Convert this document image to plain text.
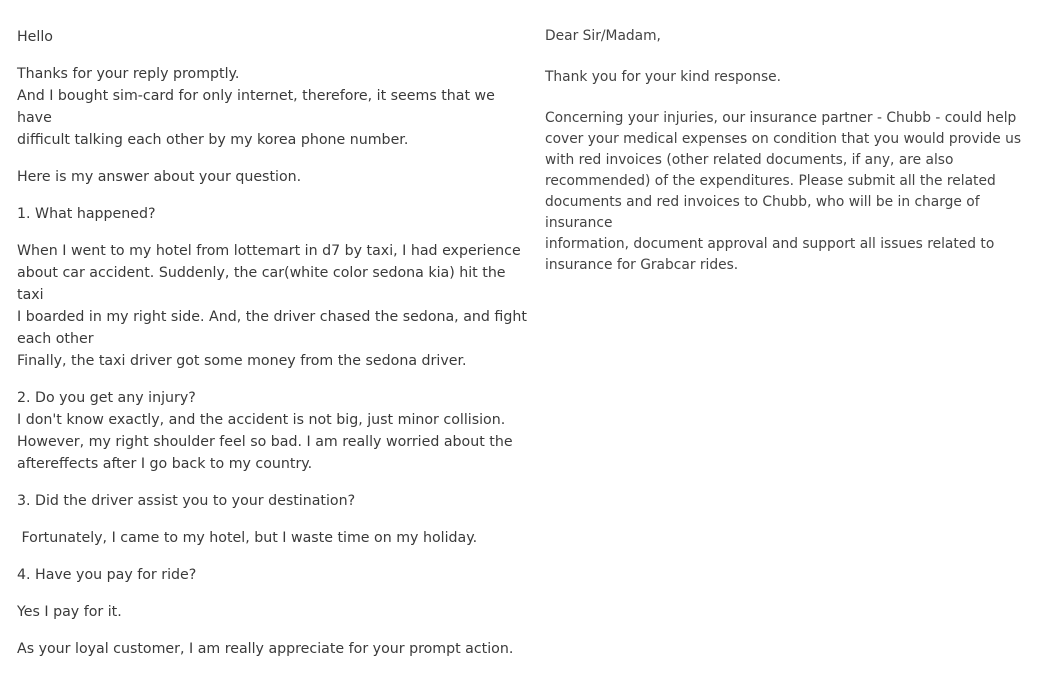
Hello

Thanks for your reply promptly.
And I bought sim-card for only internet, therefore, it seems that we have
difficult talking each other by my korea phone number.

Here is my answer about your question.

1. What happened?

When I went to my hotel from lottemart in d7 by taxi, I had experience
about car accident. Suddenly, the car(white color sedona kia) hit the taxi
I boarded in my right side. And, the driver chased the sedona, and fight
each other
Finally, the taxi driver got some money from the sedona driver.

2. Do you get any injury?
I don't know exactly, and the accident is not big, just minor collision.
However, my right shoulder feel so bad. I am really worried about the
aftereffects after I go back to my country.

3. Did the driver assist you to your destination?

Fortunately, I came to my hotel, but I waste time on my holiday.

4. Have you pay for ride?

Yes I pay for it.

As your loyal customer, I am really appreciate for your prompt action.

Dear Sir/Madam,

Thank you for your kind response.

Concerning your injuries, our insurance partner - Chubb - could help
cover your medical expenses on condition that you would provide us
with red invoices (other related documents, if any, are also
recommended) of the expenditures. Please submit all the related
documents and red invoices to Chubb, who will be in charge of insurance
information, document approval and support all issues related to
insurance for Grabcar rides.
